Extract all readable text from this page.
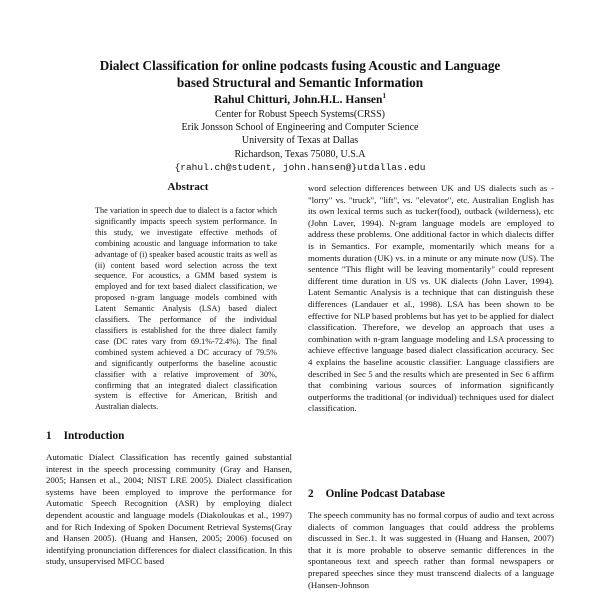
Dialect Classification for online podcasts fusing Acoustic and Language
based Structural and Semantic Information
Rahul Chitturi, John.H.L. Hansen$^1$
Center for Robust Speech Systems(CRSS)
Erik Jonsson School of Engineering and Computer Science
University of Texas at Dallas
Richardson, Texas 75080, U.S.A
{rahul.ch@student, john.hansen@}utdallas.edu
Abstract

The variation in speech due to dialect is a factor which significantly impacts speech system performance. In this study, we investigate effective methods of combining acoustic and language information to take advantage of (i) speaker based acoustic traits as well as (ii) content based word selection across the text sequence. For acoustics, a GMM based system is employed and for text based dialect classification, we proposed n-gram language models combined with Latent Semantic Analysis (LSA) based dialect classifiers. The performance of the individual classifiers is established for the three dialect family case (DC rates vary from 69.1%-72.4%). The final combined system achieved a DC accuracy of 79.5% and significantly outperforms the baseline acoustic classifier with a relative improvement of 30%, confirming that an integrated dialect classification system is effective for American, British and Australian dialects.

1 Introduction

Automatic Dialect Classification has recently gained substantial interest in the speech processing community (Gray and Hansen, 2005; Hansen et al., 2004; NIST LRE 2005). Dialect classification systems have been employed to improve the performance for Automatic Speech Recognition (ASR) by employing dialect dependent acoustic and language models (Diakoloukas et al., 1997) and for Rich Indexing of Spoken Document Retrieval Systems(Gray and Hansen 2005). (Huang and Hansen, 2005; 2006) focused on identifying pronunciation differences for dialect classification. In this study, unsupervised MFCC based

word selection differences between UK and US dialects such as - "lorry" vs. "truck", "lift", vs. "elevator", etc. Australian English has its own lexical terms such as tucker(food), outback (wilderness), etc (John Laver, 1994). N-gram language models are employed to address these problems. One additional factor in which dialects differ is in Semantics. For example, momentarily which means for a moments duration (UK) vs. in a minute or any minute now (US). The sentence "This flight will be leaving momentarily" could represent different time duration in US vs. UK dialects (John Laver, 1994). Latent Semantic Analysis is a technique that can distinguish these differences (Landauer et al., 1998). LSA has been shown to be effective for NLP based problems but has yet to be applied for dialect classification. Therefore, we develop an approach that uses a combination with n-gram language modeling and LSA processing to achieve effective language based dialect classification accuracy. Sec 4 explains the baseline acoustic classifier. Language classifiers are described in Sec 5 and the results which are presented in Sec 6 affirm that combining various sources of information significantly outperforms the traditional (or individual) techniques used for dialect classification.

2 Online Podcast Database

The speech community has no formal corpus of audio and text across dialects of common languages that could address the problems discussed in Sec.1. It was suggested in (Huang and Hansen, 2007) that it is more probable to observe semantic differences in the spontaneous text and speech rather than formal newspapers or prepared speeches since they must transcend dialects of a language (Hansen-Johnson
